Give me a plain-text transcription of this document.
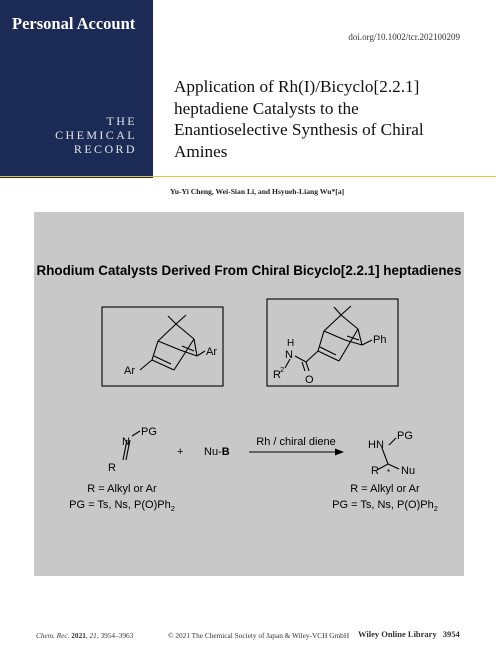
Personal Account
THE
CHEMICAL
RECORD
doi.org/10.1002/tcr.202100209
Application of Rh(I)/Bicyclo[2.2.1] heptadiene Catalysts to the Enantioselective Synthesis of Chiral Amines
Yu-Yi Cheng, Wei-Sian Li, and Hsyueh-Liang Wu*[a]
Rhodium Catalysts Derived From Chiral Bicyclo[2.2.1] heptadienes
Ar
Ar
Ph
H
N
R 2
O
PG
N
R
+ Nu-B
Rh / chiral diene	PG
HN
R * Nu
R = Alkyl or Ar
PG = Ts, Ns, $P(O)Ph_2$
R = Alkyl or Ar
PG = Ts, Ns, $P(O)Ph_2$
Chem. Rec. 2021, 21, 3954–3963	© 2021 The Chemical Society of Japan & Wiley-VCH GmbH Wiley Online Library 3954
